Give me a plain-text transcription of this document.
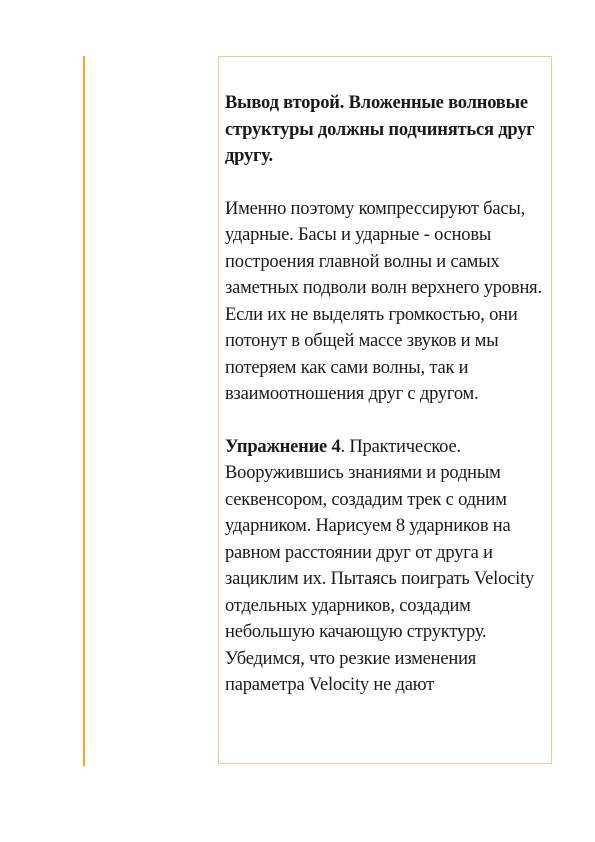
Вывод второй. Вложенные волновые структуры должны подчиняться друг другу.

Именно поэтому компрессируют басы, ударные. Басы и ударные - основы построения главной волны и самых заметных подволи волн верхнего уровня. Если их не выделять громкостью, они потонут в общей массе звуков и мы потеряем как сами волны, так и взаимоотношения друг с другом.

Упражнение 4. Практическое. Вооружившись знаниями и родным секвенсором, создадим трек с одним ударником. Нарисуем 8 ударников на равном расстоянии друг от друга и зациклим их. Пытаясь поиграть Velocity отдельных ударников, создадим небольшую качающую структуру. Убедимся, что резкие изменения параметра Velocity не дают
